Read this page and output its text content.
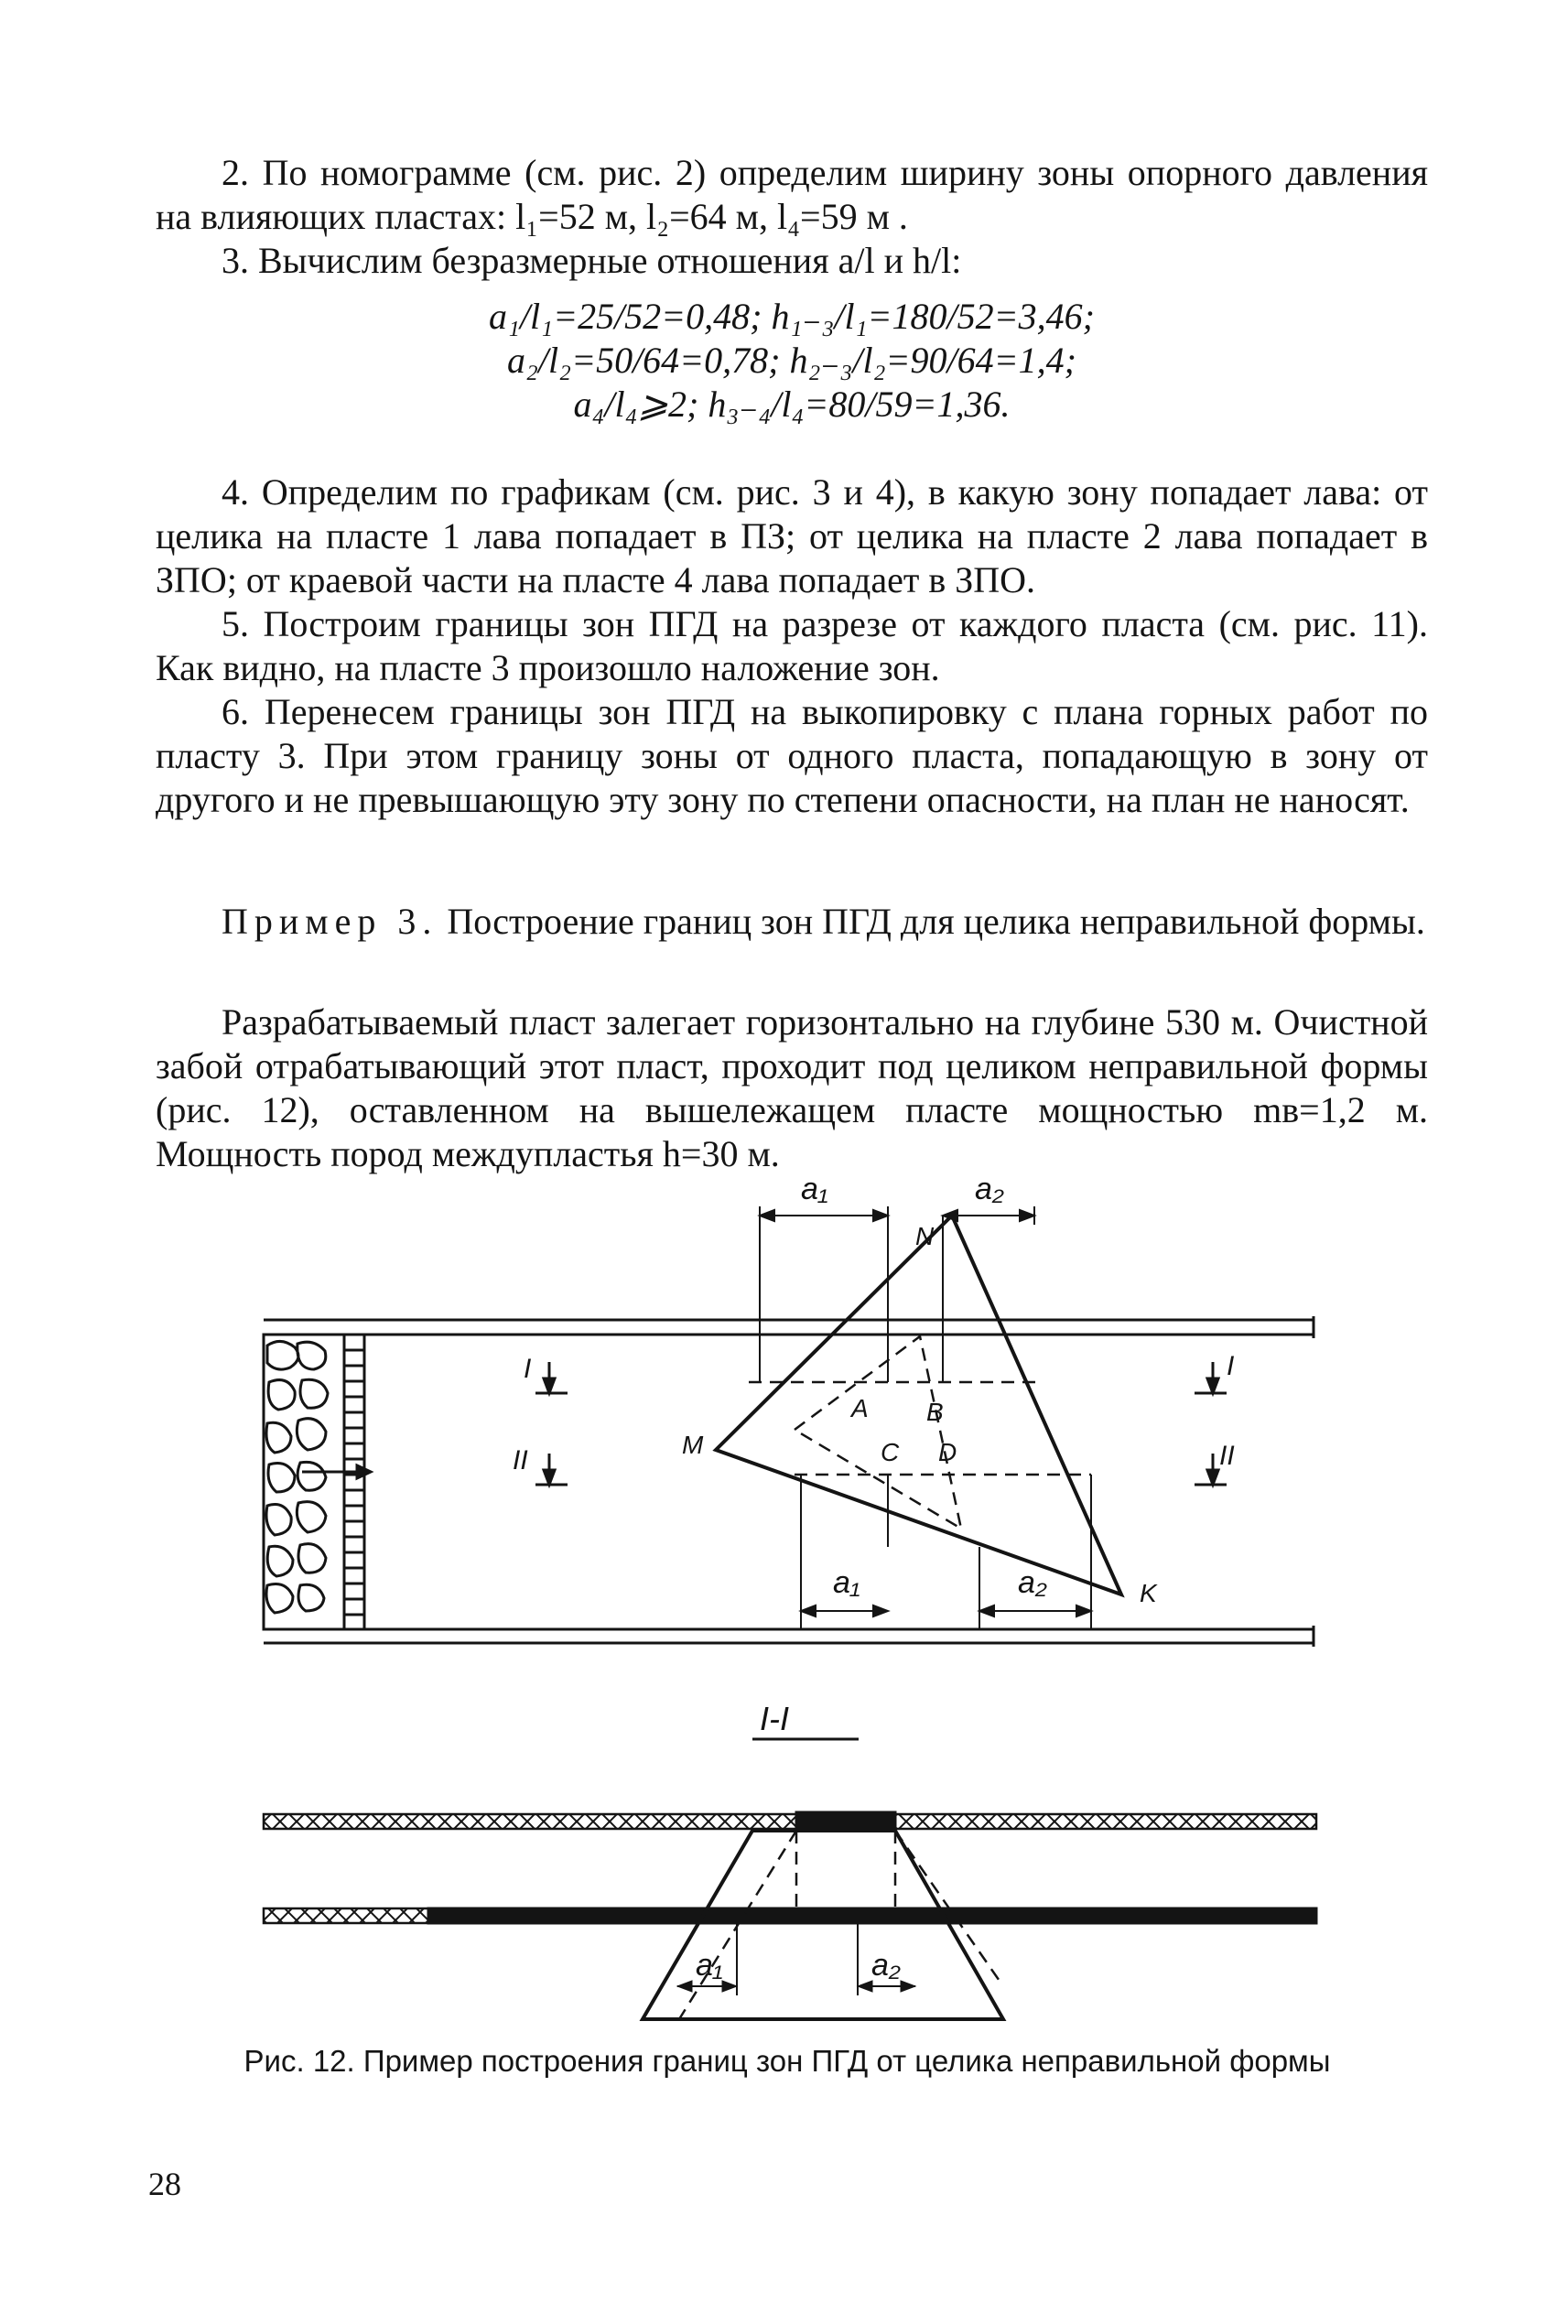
2. По номограмме (см. рис. 2) определим ширину зоны опорного давления на влияющих пластах: l₁=52 м, l₂=64 м, l₄=59 м .

3. Вычислим безразмерные отношения a/l и h/l:

a₁/l₁=25/52=0,48; h₁₋₃/l₁=180/52=3,46;
a₂/l₂=50/64=0,78; h₂₋₃/l₂=90/64=1,4;
a₄/l₄⩾2; h₃₋₄/l₄=80/59=1,36.

4. Определим по графикам (см. рис. 3 и 4), в какую зону попадает лава: от целика на пласте 1 лава попадает в ПЗ; от целика на пласте 2 лава попадает в ЗПО; от краевой части на пласте 4 лава попадает в ЗПО.

5. Построим границы зон ПГД на разрезе от каждого пласта (см. рис. 11). Как видно, на пласте 3 произошло наложение зон.

6. Перенесем границы зон ПГД на выкопировку с плана горных работ по пласту 3. При этом границу зоны от одного пласта, попадающую в зону от другого и не превышающую эту зону по степени опасности, на план не наносят.

Пример 3. Построение границ зон ПГД для целика неправильной формы.

Разрабатываемый пласт залегает горизонтально на глубине 530 м. Очистной забой отрабатывающий этот пласт, проходит под целиком неправильной формы (рис. 12), оставленном на вышележащем пласте мощностью mв=1,2 м. Мощность пород междупластья h=30 м.

a₁	a₂
N
M
K
A B
C D
I
II
I
II
a₁	a₂
I-I
a₁	a₂
Рис. 12. Пример построения границ зон ПГД от целика неправильной формы
28
